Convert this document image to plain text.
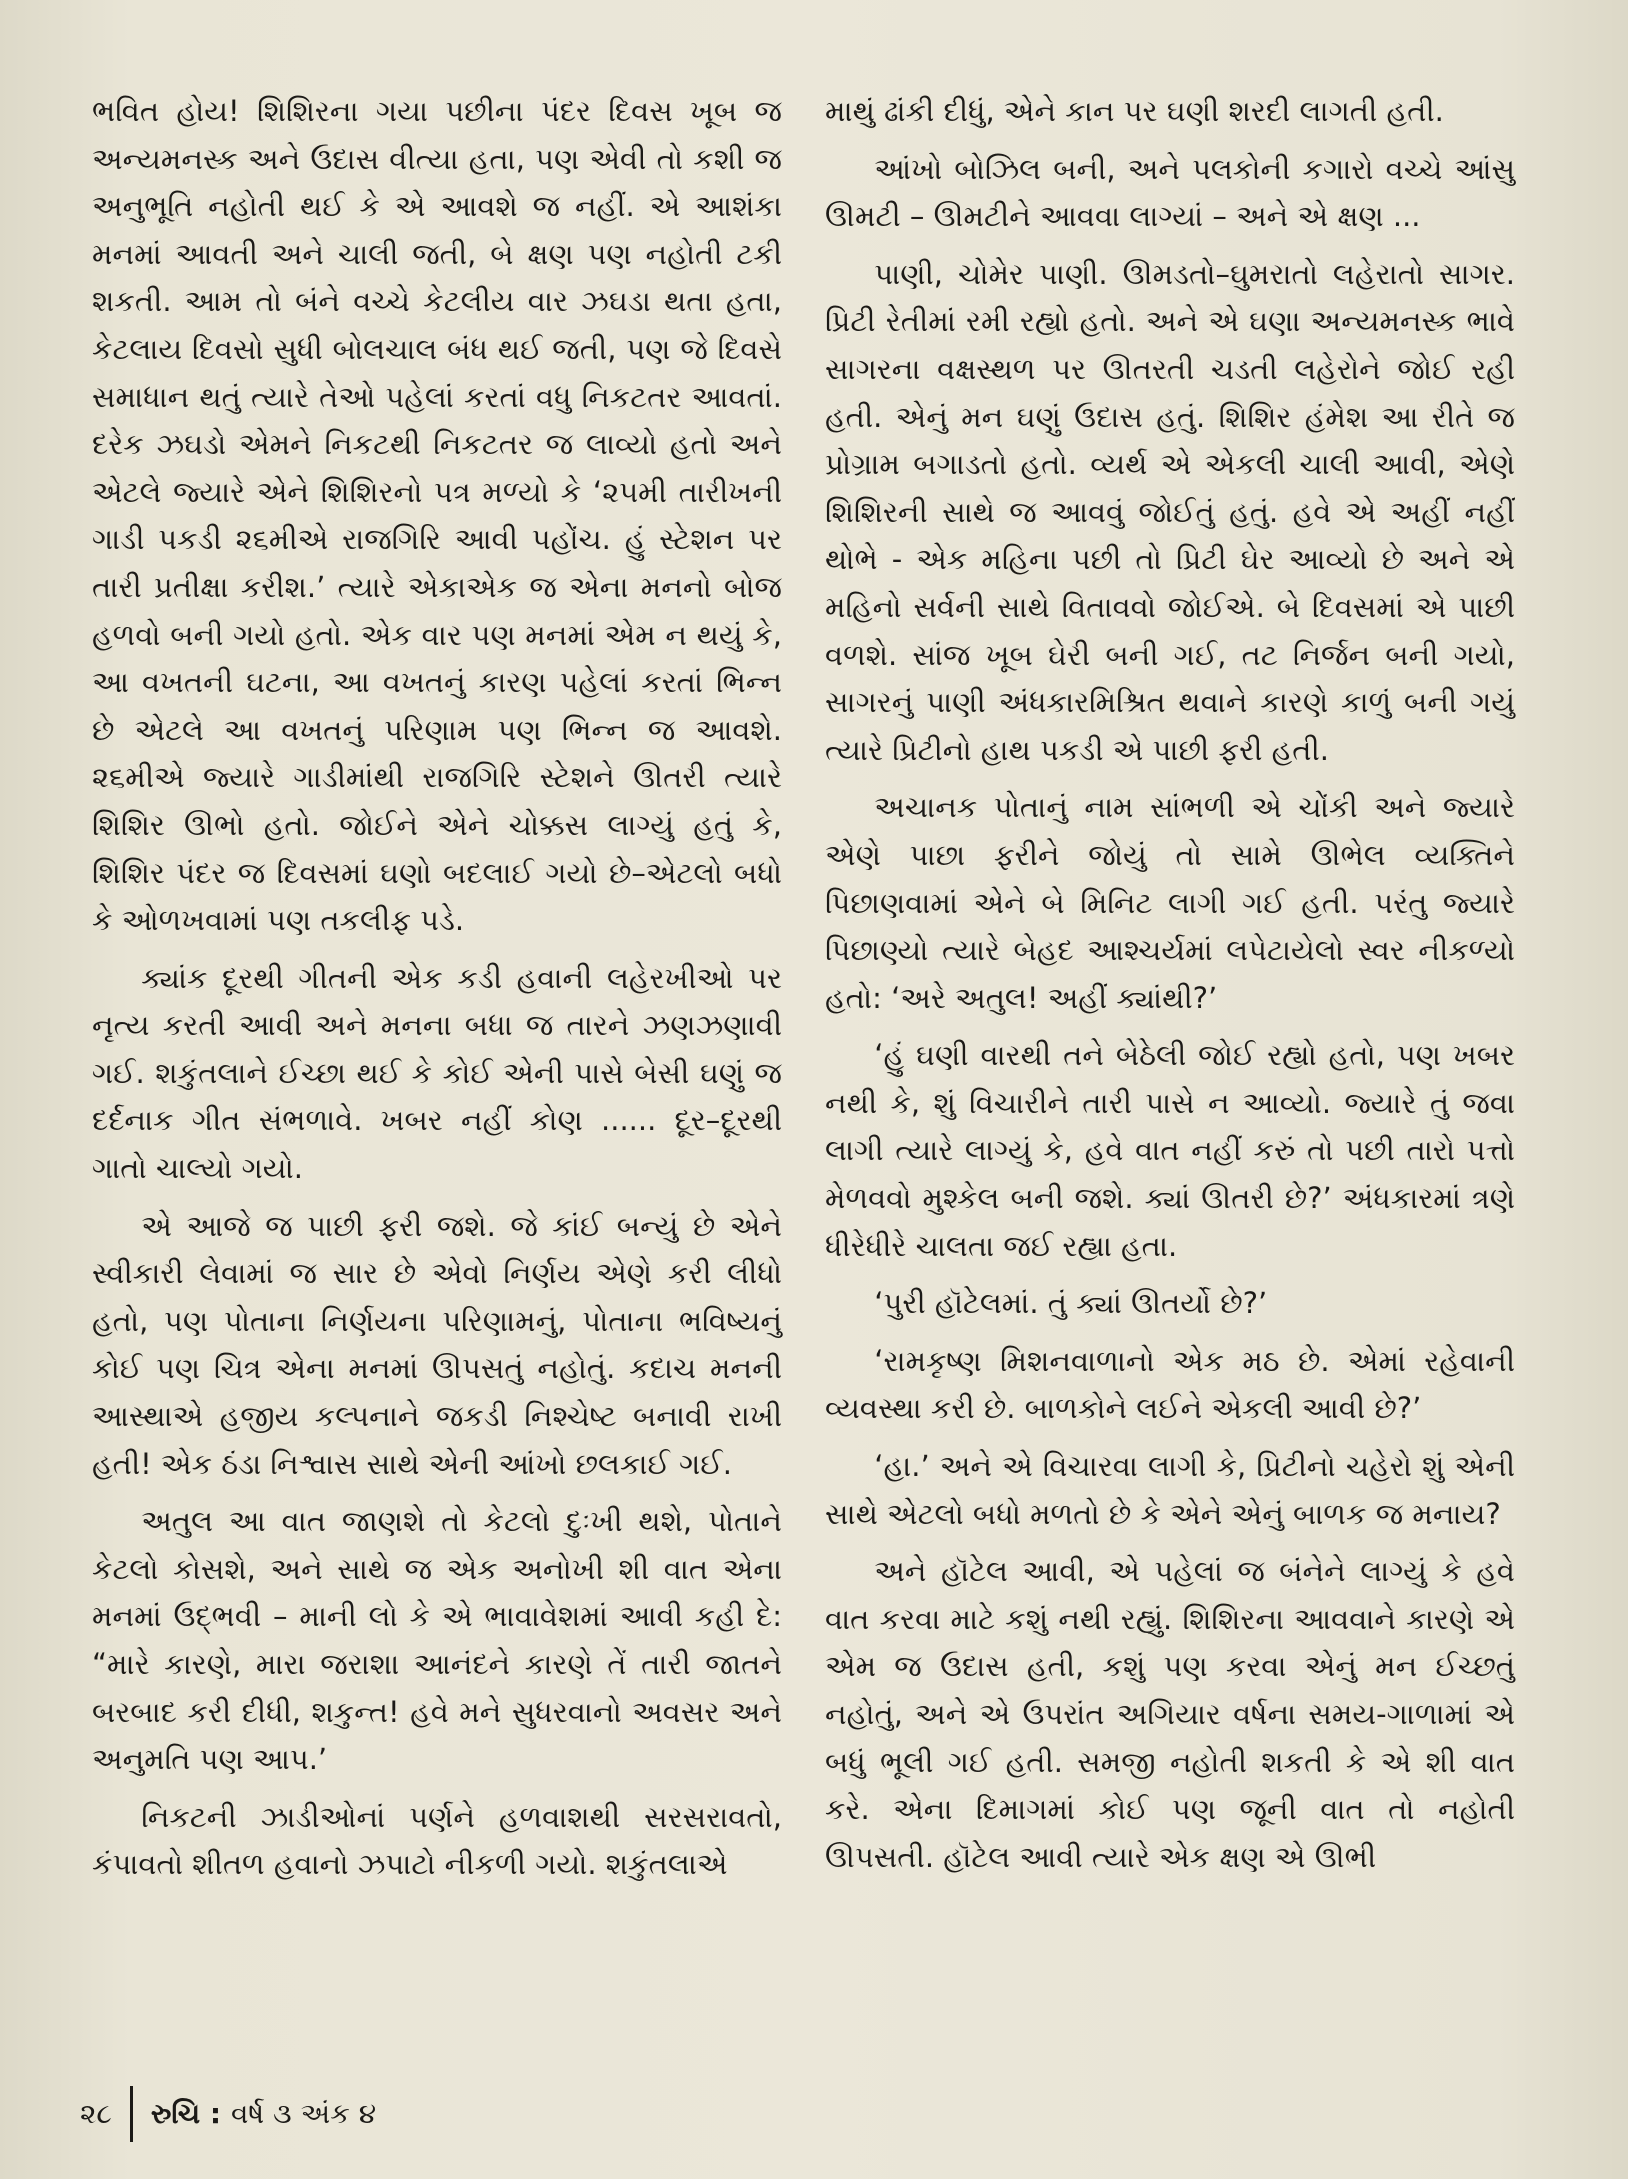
ભવિત હોય! શિશિરના ગયા પછીના પંદર દિવસ ખૂબ જ અન્યમનસ્ક અને ઉદાસ વીત્યા હતા, પણ એવી તો કશી જ અનુભૂતિ નહોતી થઈ કે એ આવશે જ નહીં. એ આશંકા મનમાં આવતી અને ચાલી જતી, બે ક્ષણ પણ નહોતી ટકી શકતી. આમ તો બંને વચ્ચે કેટલીય વાર ઝઘડા થતા હતા, કેટલાય દિવસો સુધી બોલચાલ બંધ થઈ જતી, પણ જે દિવસે સમાધાન થતું ત્યારે તેઓ પહેલાં કરતાં વધુ નિકટતર આવતાં. દરેક ઝઘડો એમને નિકટથી નિકટતર જ લાવ્યો હતો અને એટલે જ્યારે એને શિશિરનો પત્ર મળ્યો કે ‘૨૫મી તારીખની ગાડી પકડી ૨૬મીએ રાજગિરિ આવી પહોંચ. હું સ્ટેશન પર તારી પ્રતીક્ષા કરીશ.’ ત્યારે એકાએક જ એના મનનો બોજ હળવો બની ગયો હતો. એક વાર પણ મનમાં એમ ન થયું કે, આ વખતની ઘટના, આ વખતનું કારણ પહેલાં કરતાં ભિન્ન છે એટલે આ વખતનું પરિણામ પણ ભિન્ન જ આવશે. ૨૬મીએ જ્યારે ગાડીમાંથી રાજગિરિ સ્ટેશને ઊતરી ત્યારે શિશિર ઊભો હતો. જોઈને એને ચોક્કસ લાગ્યું હતું કે, શિશિર પંદર જ દિવસમાં ઘણો બદલાઈ ગયો છે–એટલો બધો કે ઓળખવામાં પણ તકલીફ પડે.

ક્યાંક દૂરથી ગીતની એક કડી હવાની લહેરખીઓ પર નૃત્ય કરતી આવી અને મનના બધા જ તારને ઝણઝણાવી ગઈ. શકુંતલાને ઈચ્છા થઈ કે કોઈ એની પાસે બેસી ઘણું જ દર્દનાક ગીત સંભળાવે. ખબર નહીં કોણ ...... દૂર–દૂરથી ગાતો ચાલ્યો ગયો.

એ આજે જ પાછી ફરી જશે. જે કાંઈ બન્યું છે એને સ્વીકારી લેવામાં જ સાર છે એવો નિર્ણય એણે કરી લીધો હતો, પણ પોતાના નિર્ણયના પરિણામનું, પોતાના ભવિષ્યનું કોઈ પણ ચિત્ર એના મનમાં ઊપસતું નહોતું. કદાચ મનની આસ્થાએ હજીય કલ્પનાને જકડી નિશ્ચેષ્ટ બનાવી રાખી હતી! એક ઠંડા નિશ્વાસ સાથે એની આંખો છલકાઈ ગઈ.

અતુલ આ વાત જાણશે તો કેટલો દુઃખી થશે, પોતાને કેટલો કોસશે, અને સાથે જ એક અનોખી શી વાત એના મનમાં ઉદ્ભવી – માની લો કે એ ભાવાવેશમાં આવી કહી દે: “મારે કારણે, મારા જરાશા આનંદને કારણે તેં તારી જાતને બરબાદ કરી દીધી, શકુન્ત! હવે મને સુધરવાનો અવસર અને અનુમતિ પણ આપ.’

નિકટની ઝાડીઓનાં પર્ણને હળવાશથી સરસરાવતો, કંપાવતો શીતળ હવાનો ઝપાટો નીકળી ગયો. શકુંતલાએ

માથું ઢાંકી દીધું, એને કાન પર ઘણી શરદી લાગતી હતી.

આંખો બોઝિલ બની, અને પલકોની કગારો વચ્ચે આંસુ ઊમટી – ઊમટીને આવવા લાગ્યાં – અને એ ક્ષણ ...

પાણી, ચોમેર પાણી. ઊમડતો–ઘુમરાતો લહેરાતો સાગર. પ્રિટી રેતીમાં રમી રહ્યો હતો. અને એ ઘણા અન્યમનસ્ક ભાવે સાગરના વક્ષસ્થળ પર ઊતરતી ચડતી લહેરોને જોઈ રહી હતી. એનું મન ઘણું ઉદાસ હતું. શિશિર હંમેશ આ રીતે જ પ્રોગ્રામ બગાડતો હતો. વ્યર્થ એ એકલી ચાલી આવી, એણે શિશિરની સાથે જ આવવું જોઈતું હતું. હવે એ અહીં નહીં થોભે - એક મહિના પછી તો પ્રિટી ઘેર આવ્યો છે અને એ મહિનો સર્વની સાથે વિતાવવો જોઈએ. બે દિવસમાં એ પાછી વળશે. સાંજ ખૂબ ઘેરી બની ગઈ, તટ નિર્જન બની ગયો, સાગરનું પાણી અંધકારમિશ્રિત થવાને કારણે કાળું બની ગયું ત્યારે પ્રિટીનો હાથ પકડી એ પાછી ફરી હતી.

અચાનક પોતાનું નામ સાંભળી એ ચોંકી અને જ્યારે એણે પાછા ફરીને જોયું તો સામે ઊભેલ વ્યક્તિને પિછાણવામાં એને બે મિનિટ લાગી ગઈ હતી. પરંતુ જ્યારે પિછાણ્યો ત્યારે બેહદ આશ્ચર્યમાં લપેટાયેલો સ્વર નીકળ્યો હતો: ‘અરે અતુલ! અહીં ક્યાંથી?’

‘હું ઘણી વારથી તને બેઠેલી જોઈ રહ્યો હતો, પણ ખબર નથી કે, શું વિચારીને તારી પાસે ન આવ્યો. જ્યારે તું જવા લાગી ત્યારે લાગ્યું કે, હવે વાત નહીં કરું તો પછી તારો પત્તો મેળવવો મુશ્કેલ બની જશે. ક્યાં ઊતરી છે?’ અંધકારમાં ત્રણે ધીરેધીરે ચાલતા જઈ રહ્યા હતા.

‘પુરી હૉટેલમાં. તું ક્યાં ઊતર્યો છે?’

‘રામકૃષ્ણ મિશનવાળાનો એક મઠ છે. એમાં રહેવાની વ્યવસ્થા કરી છે. બાળકોને લઈને એકલી આવી છે?’

‘હા.’ અને એ વિચારવા લાગી કે, પ્રિટીનો ચહેરો શું એની સાથે એટલો બધો મળતો છે કે એને એનું બાળક જ મનાય?

અને હૉટેલ આવી, એ પહેલાં જ બંનેને લાગ્યું કે હવે વાત કરવા માટે કશું નથી રહ્યું. શિશિરના આવવાને કારણે એ એમ જ ઉદાસ હતી, કશું પણ કરવા એનું મન ઈચ્છતું નહોતું, અને એ ઉપરાંત અગિયાર વર્ષના સમય-ગાળામાં એ બધું ભૂલી ગઈ હતી. સમજી નહોતી શકતી કે એ શી વાત કરે. એના દિમાગમાં કોઈ પણ જૂની વાત તો નહોતી ઊપસતી. હૉટેલ આવી ત્યારે એક ક્ષણ એ ઊભી

૨૮ રુચિ : વર્ષ ૩ અંક ૪
